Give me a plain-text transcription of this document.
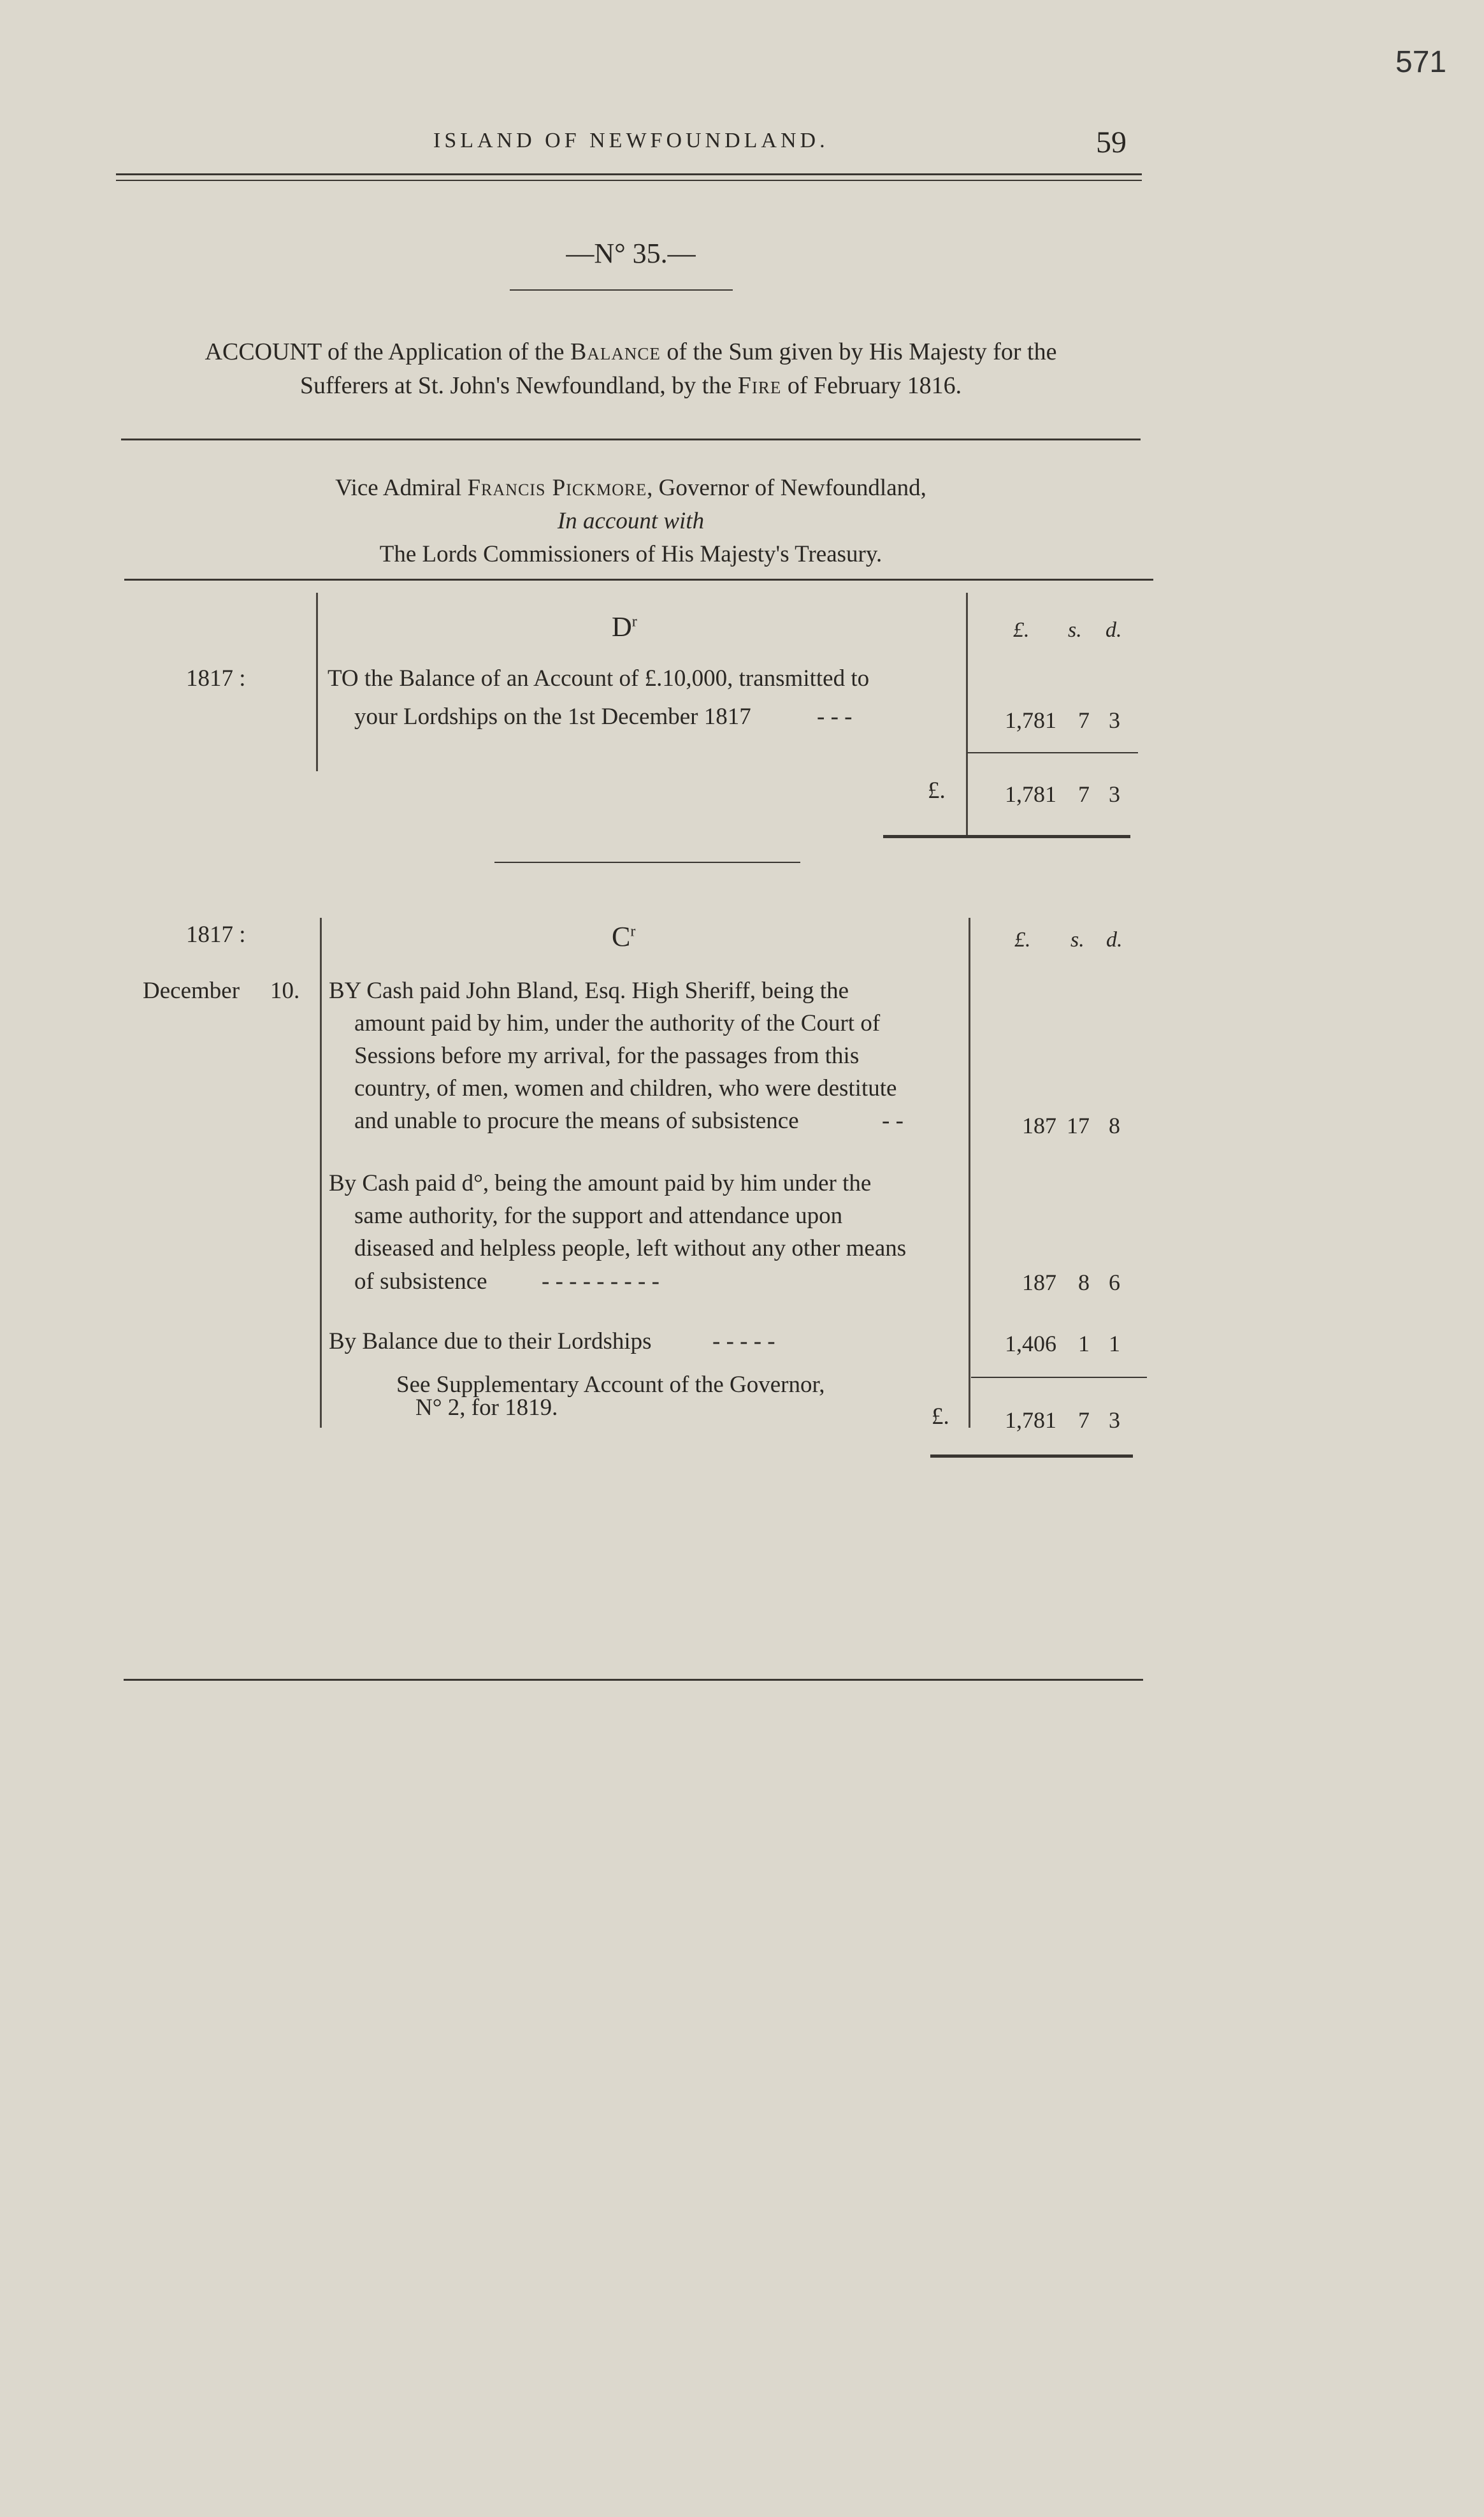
571
ISLAND OF NEWFOUNDLAND.	59
—N° 35.—
ACCOUNT of the Application of the Balance of the Sum given by His Majesty for the
Sufferers at St. John's Newfoundland, by the Fire of February 1816.
Vice Admiral Francis Pickmore, Governor of Newfoundland,
In account with
The Lords Commissioners of His Majesty's Treasury.
$D^r$	£. s. d.
1817 :	TO the Balance of an Account of £.10,000, transmitted to
your Lordships on the 1st December 1817	- - -	1,781 7 3
£.	1,781 7 3
1817 :	$C^r$	£. s. d.
December 10. BY Cash paid John Bland, Esq. High Sheriff, being the
amount paid by him, under the authority of the Court of
Sessions before my arrival, for the passages from this
country, of men, women and children, who were destitute
and unable to procure the means of subsistence	- -	187 17 8
By Cash paid d°, being the amount paid by him under the
same authority, for the support and attendance upon
diseased and helpless people, left without any other means
of subsistence - - - - - - - - -	187 8 6
By Balance due to their Lordships	- - - - -	1,406 1 1
See Supplementary Account of the Governor,
N° 2, for 1819.	£.	1,781 7 3
